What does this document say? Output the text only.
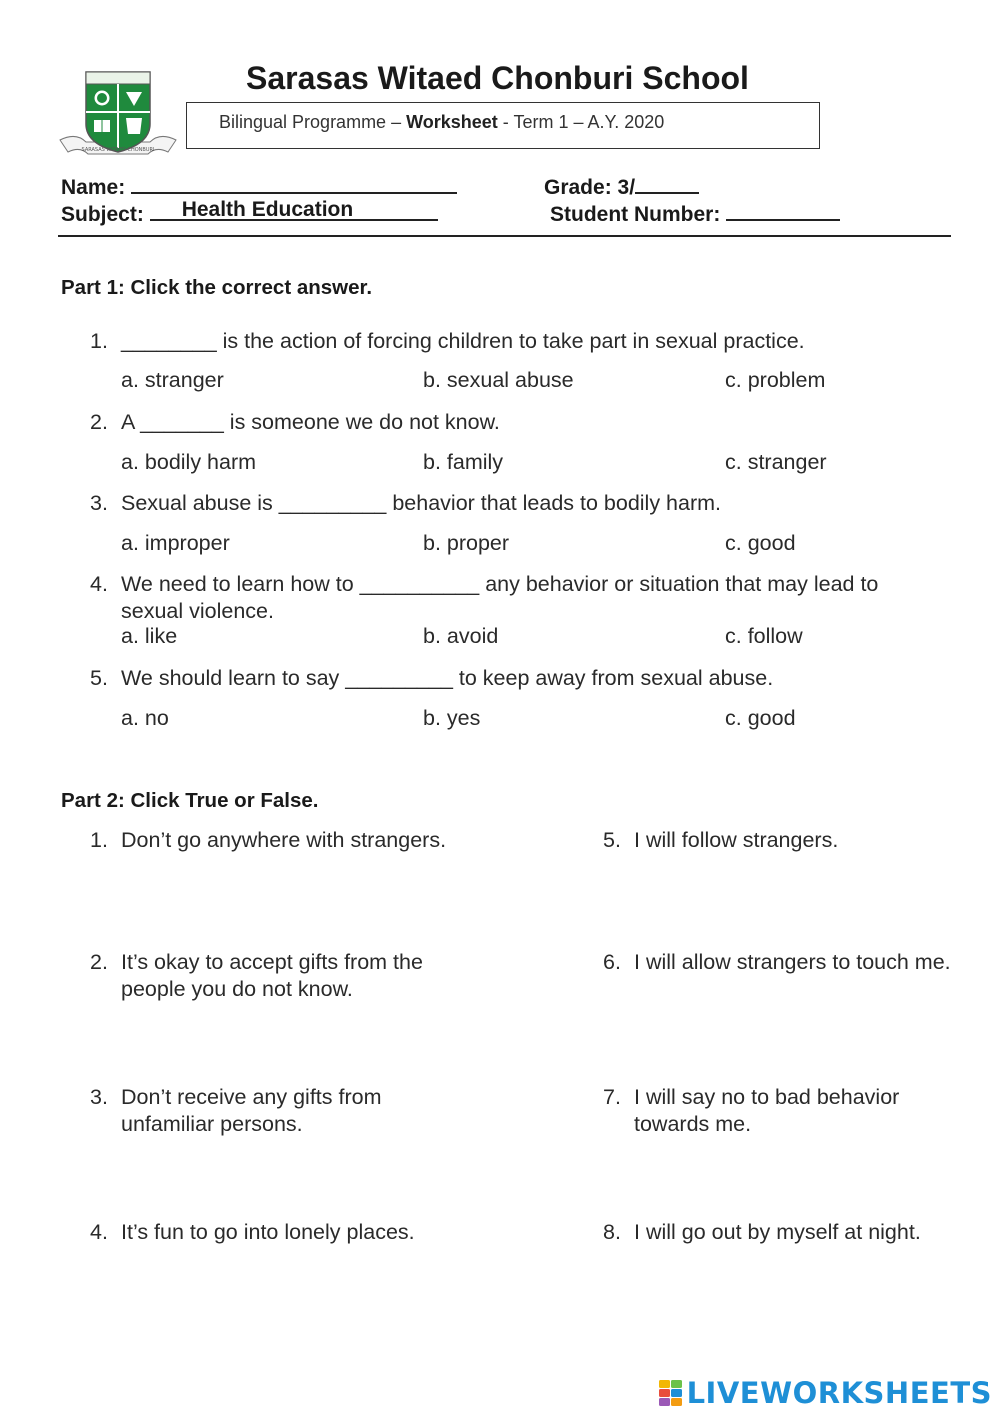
SARASAS WITAED CHONBURI
Sarasas Witaed Chonburi School
Bilingual Programme – Worksheet - Term 1 – A.Y. 2020
Name:	Grade: 3/
Subject: Health Education	Student Number:
Part 1: Click the correct answer.
1. ________ is the action of forcing children to take part in sexual practice.
a. stranger	b. sexual abuse	c. problem
2. A _______ is someone we do not know.
a. bodily harm	b. family	c. stranger
3. Sexual abuse is _________ behavior that leads to bodily harm.
a. improper	b. proper	c. good
4. We need to learn how to __________ any behavior or situation that may lead to sexual violence.
a. like	b. avoid	c. follow
5. We should learn to say _________ to keep away from sexual abuse.
a. no	b. yes	c. good
Part 2: Click True or False.
1. Don’t go anywhere with strangers.
2. It’s okay to accept gifts from the people you do not know.
3. Don’t receive any gifts from unfamiliar persons.
4. It’s fun to go into lonely places.
5. I will follow strangers.
6. I will allow strangers to touch me.
7. I will say no to bad behavior towards me.
8. I will go out by myself at night.
LIVEWORKSHEETS
